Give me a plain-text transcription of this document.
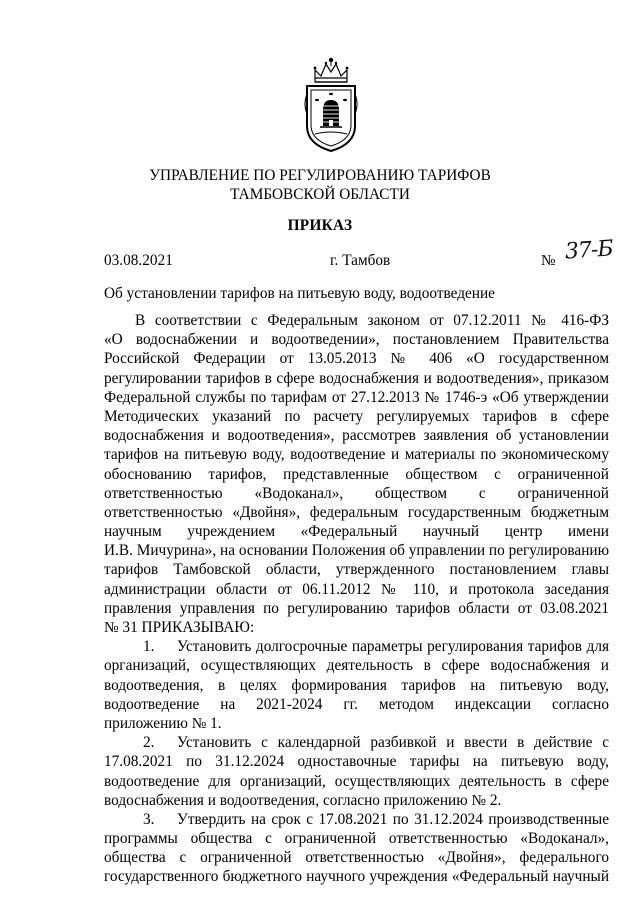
УПРАВЛЕНИЕ ПО РЕГУЛИРОВАНИЮ ТАРИФОВ
ТАМБОВСКОЙ ОБЛАСТИ
ПРИКАЗ
03.08.2021	г. Тамбов	№ 37-Б
Об установлении тарифов на питьевую воду, водоотведение
В соответствии с Федеральным законом от 07.12.2011 № 416-ФЗ
«О водоснабжении и водоотведении», постановлением Правительства
Российской Федерации от 13.05.2013 № 406 «О государственном
регулировании тарифов в сфере водоснабжения и водоотведения», приказом
Федеральной службы по тарифам от 27.12.2013 № 1746-э «Об утверждении
Методических указаний по расчету регулируемых тарифов в сфере
водоснабжения и водоотведения», рассмотрев заявления об установлении
тарифов на питьевую воду, водоотведение и материалы по экономическому
обоснованию тарифов, представленные обществом с ограниченной
ответственностью «Водоканал», обществом с ограниченной
ответственностью «Двойня», федеральным государственным бюджетным
научным учреждением «Федеральный научный центр имени
И.В. Мичурина», на основании Положения об управлении по регулированию
тарифов Тамбовской области, утвержденного постановлением главы
администрации области от 06.11.2012 № 110, и протокола заседания
правления управления по регулированию тарифов области от 03.08.2021
№ 31 ПРИКАЗЫВАЮ:
1. Установить долгосрочные параметры регулирования тарифов для
организаций, осуществляющих деятельность в сфере водоснабжения и
водоотведения, в целях формирования тарифов на питьевую воду,
водоотведение на 2021-2024 гг. методом индексации согласно
приложению № 1.
2. Установить с календарной разбивкой и ввести в действие с
17.08.2021 по 31.12.2024 одноставочные тарифы на питьевую воду,
водоотведение для организаций, осуществляющих деятельность в сфере
водоснабжения и водоотведения, согласно приложению № 2.
3. Утвердить на срок с 17.08.2021 по 31.12.2024 производственные
программы общества с ограниченной ответственностью «Водоканал»,
общества с ограниченной ответственностью «Двойня», федерального
государственного бюджетного научного учреждения «Федеральный научный
